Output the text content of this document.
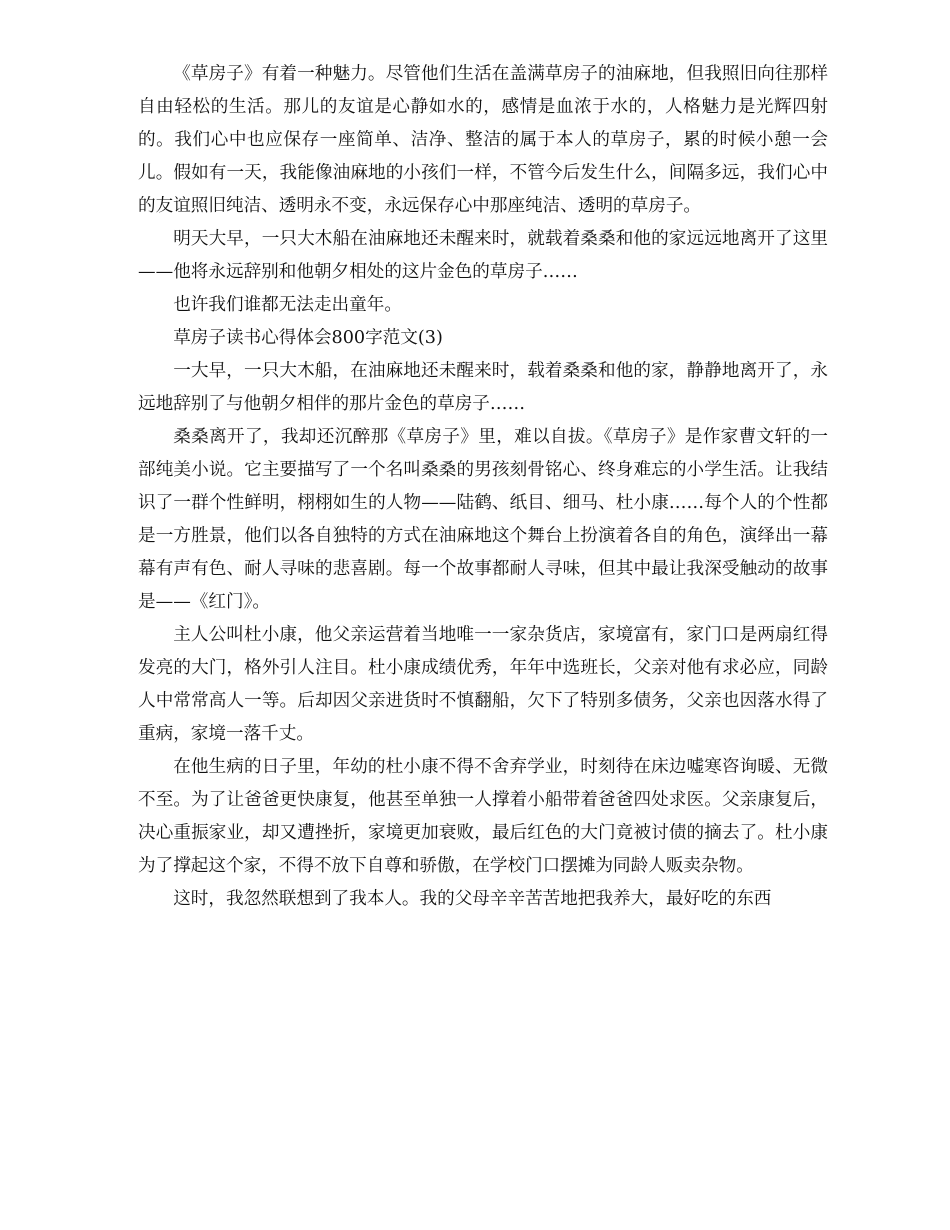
《草房子》有着一种魅力。尽管他们生活在盖满草房子的油麻地，但我照旧向往那样自由轻松的生活。那儿的友谊是心静如水的，感情是血浓于水的，人格魅力是光辉四射的。我们心中也应保存一座简单、洁净、整洁的属于本人的草房子，累的时候小憩一会儿。假如有一天，我能像油麻地的小孩们一样，不管今后发生什么，间隔多远，我们心中的友谊照旧纯洁、透明永不变，永远保存心中那座纯洁、透明的草房子。

明天大早，一只大木船在油麻地还未醒来时，就载着桑桑和他的家远远地离开了这里——他将永远辞别和他朝夕相处的这片金色的草房子……

也许我们谁都无法走出童年。

草房子读书心得体会800字范文(3)

一大早，一只大木船，在油麻地还未醒来时，载着桑桑和他的家，静静地离开了，永远地辞别了与他朝夕相伴的那片金色的草房子……

桑桑离开了，我却还沉醉那《草房子》里，难以自拔。《草房子》是作家曹文轩的一部纯美小说。它主要描写了一个名叫桑桑的男孩刻骨铭心、终身难忘的小学生活。让我结识了一群个性鲜明，栩栩如生的人物——陆鹤、纸目、细马、杜小康……每个人的个性都是一方胜景，他们以各自独特的方式在油麻地这个舞台上扮演着各自的角色，演绎出一幕幕有声有色、耐人寻味的悲喜剧。每一个故事都耐人寻味，但其中最让我深受触动的故事是——《红门》。

主人公叫杜小康，他父亲运营着当地唯一一家杂货店，家境富有，家门口是两扇红得发亮的大门，格外引人注目。杜小康成绩优秀，年年中选班长，父亲对他有求必应，同龄人中常常高人一等。后却因父亲进货时不慎翻船，欠下了特别多债务，父亲也因落水得了重病，家境一落千丈。

在他生病的日子里，年幼的杜小康不得不舍弃学业，时刻待在床边嘘寒咨询暖、无微不至。为了让爸爸更快康复，他甚至单独一人撑着小船带着爸爸四处求医。父亲康复后，决心重振家业，却又遭挫折，家境更加衰败，最后红色的大门竟被讨债的摘去了。杜小康为了撑起这个家，不得不放下自尊和骄傲，在学校门口摆摊为同龄人贩卖杂物。

这时，我忽然联想到了我本人。我的父母辛辛苦苦地把我养大，最好吃的东西
